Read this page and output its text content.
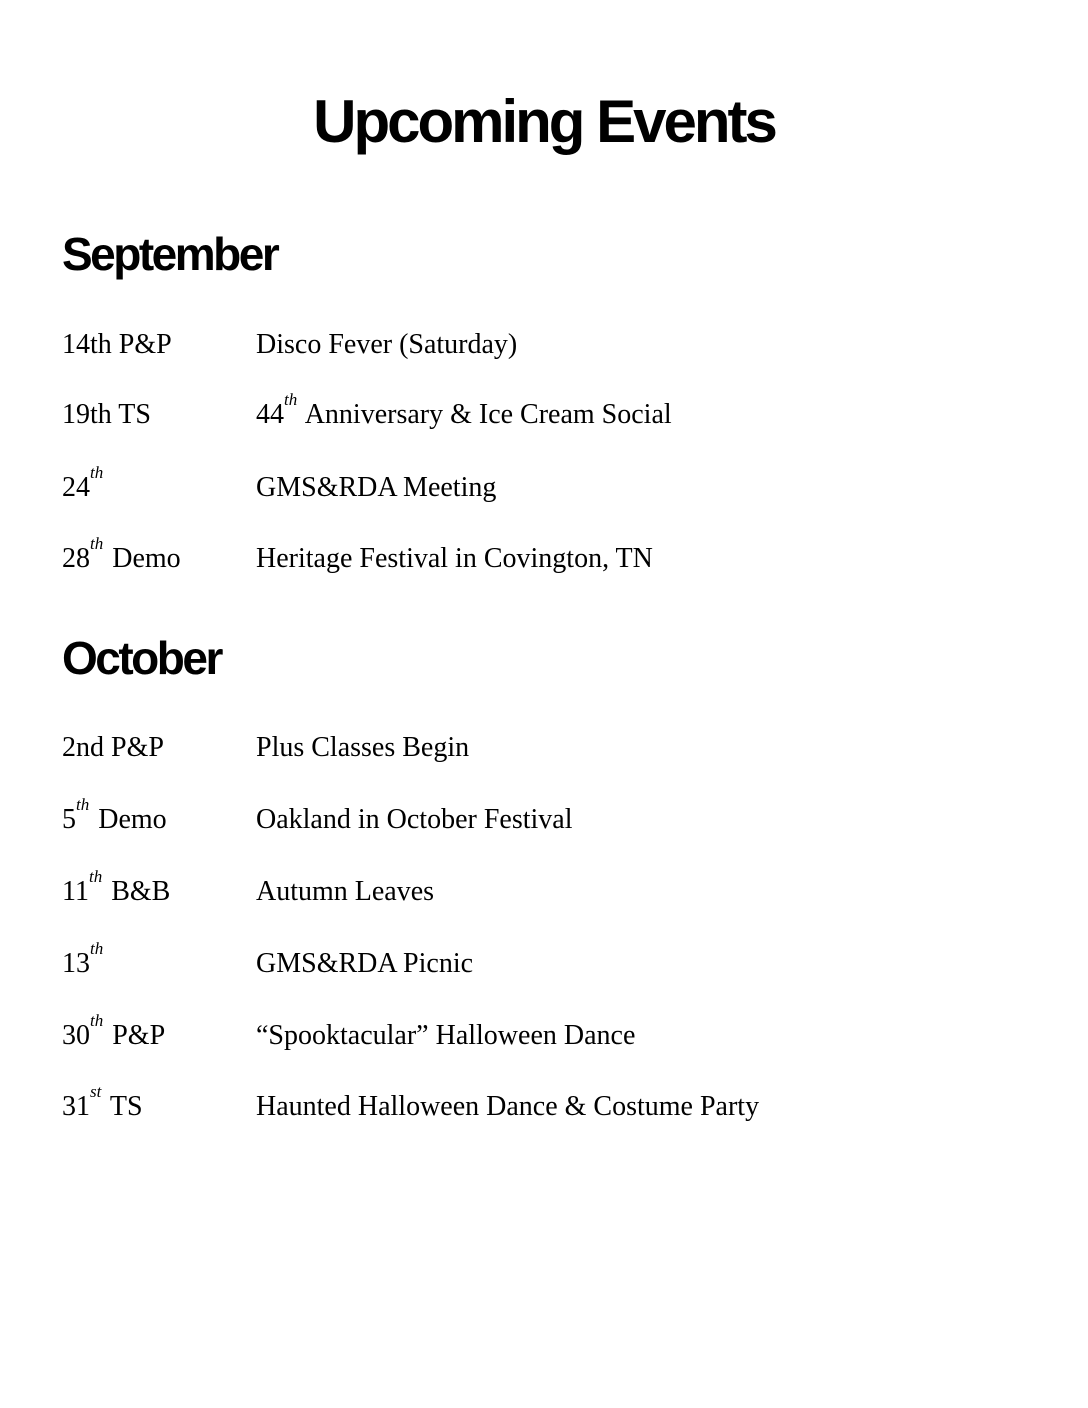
Upcoming Events
September
14th P&P	Disco Fever (Saturday)
19th TS	44th Anniversary & Ice Cream Social
24th	GMS&RDA Meeting
28th Demo	Heritage Festival in Covington, TN
October
2nd P&P	Plus Classes Begin
5th Demo	Oakland in October Festival
11th B&B	Autumn Leaves
13th	GMS&RDA Picnic
30th P&P	“Spooktacular” Halloween Dance
31st TS	Haunted Halloween Dance & Costume Party
